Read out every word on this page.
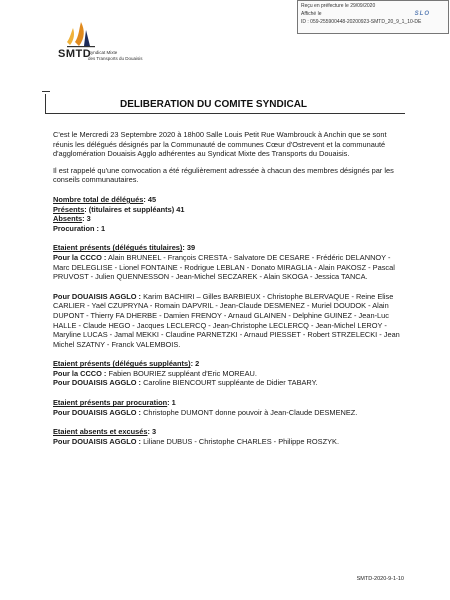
Reçu en préfecture le 29/09/2020
Affiché le
ID : 059-255900448-20200923-SMTD_20_9_1_10-DE
SLO
SMTD
Syndicat Mixte
des Transports du Douaisis
DELIBERATION DU COMITE SYNDICAL

C'est le Mercredi 23 Septembre 2020 à 18h00 Salle Louis Petit Rue Wambrouck à Anchin que se sont réunis les délégués désignés par la Communauté de communes Cœur d'Ostrevent et la communauté d'agglomération Douaisis Agglo adhérentes au Syndicat Mixte des Transports du Douaisis.

Il est rappelé qu'une convocation a été régulièrement adressée à chacun des membres désignés par les conseils communautaires.

Nombre total de délégués: 45

Présents: (titulaires et suppléants) 41

Absents: 3

Procuration : 1

Etaient présents (délégués titulaires): 39

Pour la CCCO : Alain BRUNEEL - François CRESTA - Salvatore DE CESARE - Frédéric DELANNOY - Marc DELEGLISE - Lionel FONTAINE - Rodrigue LEBLAN - Donato MIRAGLIA - Alain PAKOSZ - Pascal PRUVOST - Julien QUENNESSON - Jean-Michel SECZAREK - Alain SKOGA - Jessica TANCA.

Pour DOUAISIS AGGLO : Karim BACHIRI – Gilles BARBIEUX - Christophe BLERVAQUE - Reine Elise CARLIER - Yaël CZUPRYNA - Romain DAPVRIL - Jean-Claude DESMENEZ - Muriel DOUDOK - Alain DUPONT - Thierry FA DHERBE - Damien FRENOY - Arnaud GLAINEN - Delphine GUINEZ - Jean-Luc HALLE - Claude HEGO - Jacques LECLERCQ - Jean-Christophe LECLERCQ - Jean-Michel LEROY - Maryline LUCAS - Jamal MEKKI - Claudine PARNETZKI - Arnaud PIESSET - Robert STRZELECKI - Jean Michel SZATNY - Franck VALEMBOIS.

Etaient présents (délégués suppléants): 2

Pour la CCCO : Fabien BOURIEZ suppléant d'Eric MOREAU.

Pour DOUAISIS AGGLO : Caroline BIENCOURT suppléante de Didier TABARY.

Etaient présents par procuration: 1

Pour DOUAISIS AGGLO : Christophe DUMONT donne pouvoir à Jean-Claude DESMENEZ.

Etaient absents et excusés: 3

Pour DOUAISIS AGGLO : Liliane DUBUS - Christophe CHARLES - Philippe ROSZYK.

SMTD-2020-9-1-10
